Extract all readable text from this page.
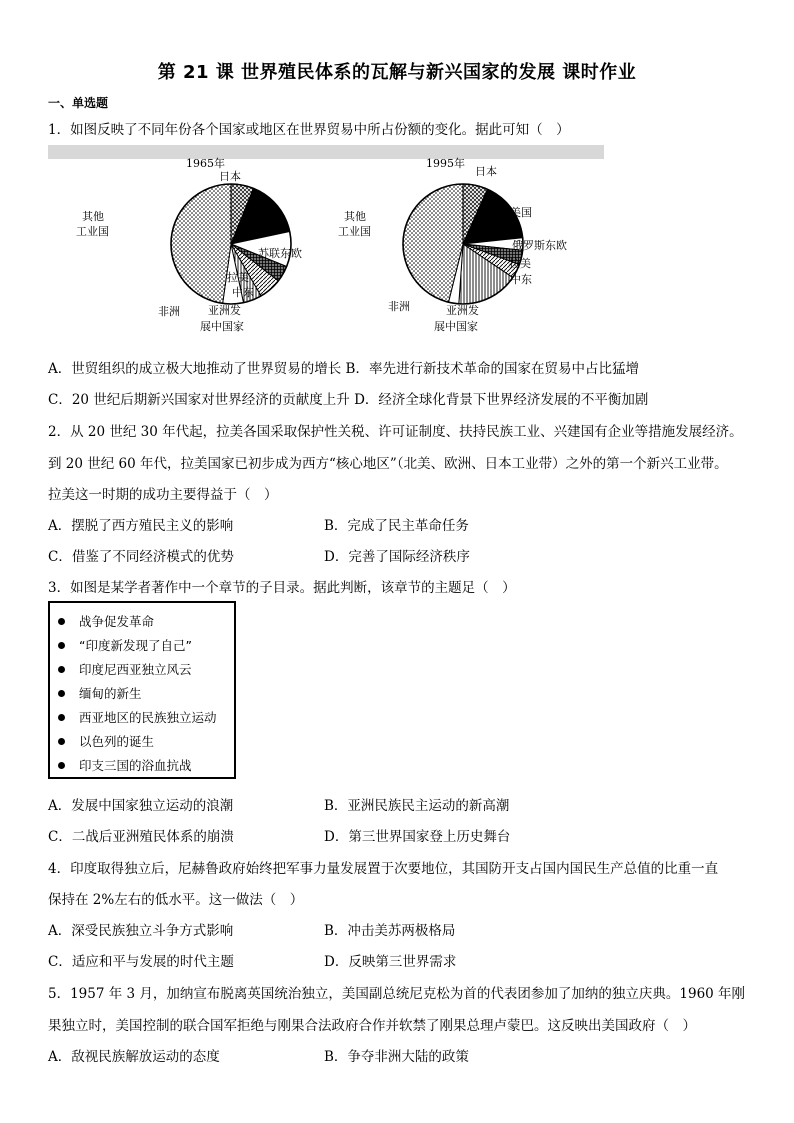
第 21 课 世界殖民体系的瓦解与新兴国家的发展 课时作业
一、单选题
1．如图反映了不同年份各个国家或地区在世界贸易中所占份额的变化。据此可知（　）
1965年
日本
美国
苏联东欧
拉美
中东
亚洲发
展中国家
非洲
其他
工业国
1995年
日本
美国
俄罗斯东欧
拉美
中东
亚洲发
展中国家
非洲
其他
工业国
A．世贸组织的成立极大地推动了世界贸易的增长 B．率先进行新技术革命的国家在贸易中占比猛增
C．20 世纪后期新兴国家对世界经济的贡献度上升 D．经济全球化背景下世界经济发展的不平衡加剧
2．从 20 世纪 30 年代起，拉美各国采取保护性关税、许可证制度、扶持民族工业、兴建国有企业等措施发展经济。
到 20 世纪 60 年代，拉美国家已初步成为西方“核心地区”（北美、欧洲、日本工业带）之外的第一个新兴工业带。
拉美这一时期的成功主要得益于（　）
A．摆脱了西方殖民主义的影响	B．完成了民主革命任务
C．借鉴了不同经济模式的优势	D．完善了国际经济秩序
3．如图是某学者著作中一个章节的子目录。据此判断，该章节的主题足（　）
战争促发革命
“印度新发现了自己”
印度尼西亚独立风云
缅甸的新生
西亚地区的民族独立运动
以色列的诞生
印支三国的浴血抗战
A．发展中国家独立运动的浪潮	B．亚洲民族民主运动的新高潮
C．二战后亚洲殖民体系的崩溃	D．第三世界国家登上历史舞台
4．印度取得独立后，尼赫鲁政府始终把军事力量发展置于次要地位，其国防开支占国内国民生产总值的比重一直
保持在 2%左右的低水平。这一做法（　）
A．深受民族独立斗争方式影响	B．冲击美苏两极格局
C．适应和平与发展的时代主题	D．反映第三世界需求
5．1957 年 3 月，加纳宣布脱离英国统治独立，美国副总统尼克松为首的代表团参加了加纳的独立庆典。1960 年刚
果独立时，美国控制的联合国军拒绝与刚果合法政府合作并软禁了刚果总理卢蒙巴。这反映出美国政府（　）
A．敌视民族解放运动的态度	B．争夺非洲大陆的政策
